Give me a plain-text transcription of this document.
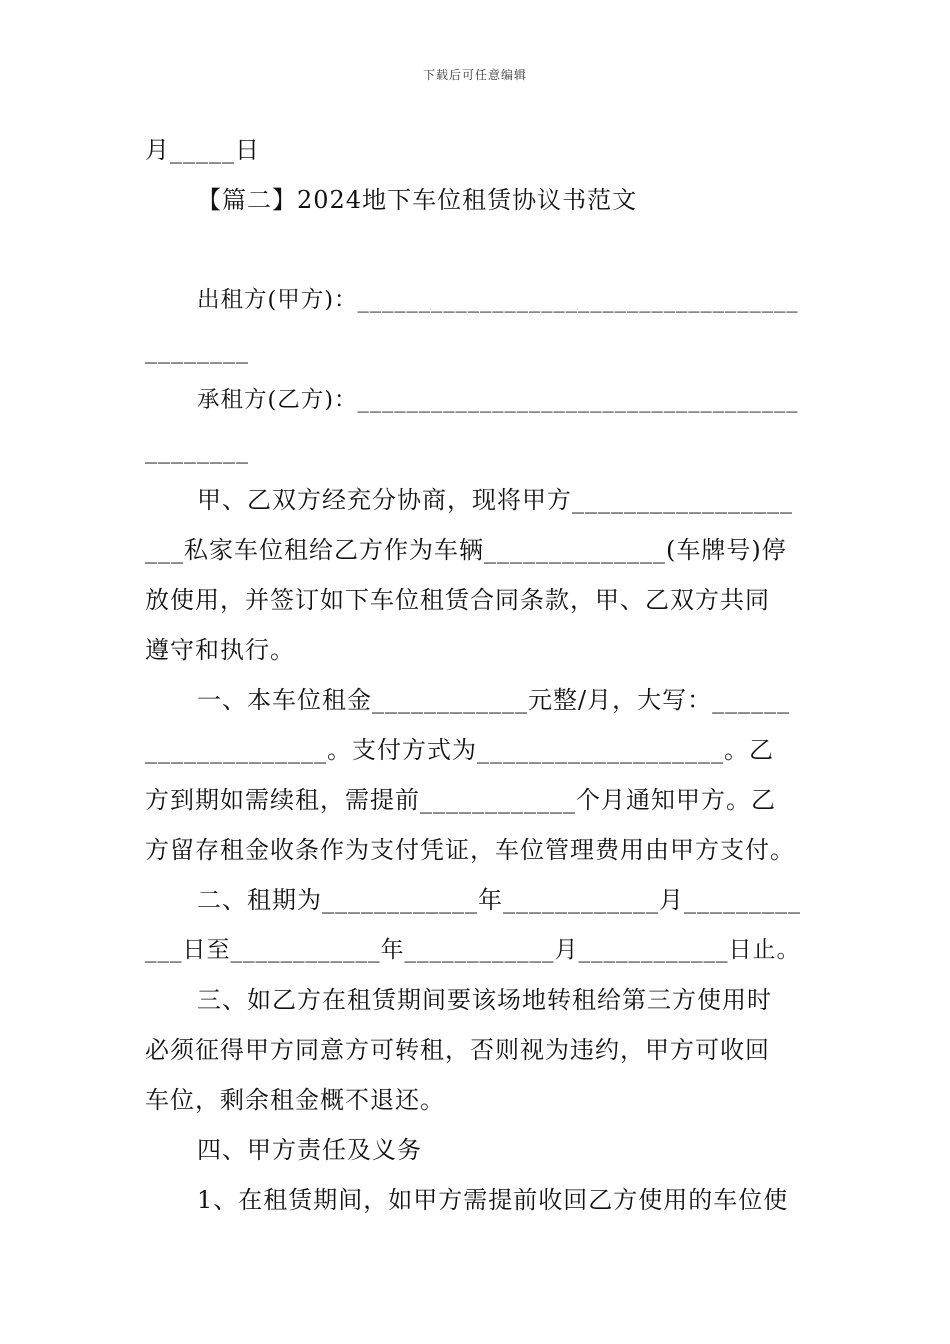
下载后可任意编辑
月_____日
【篇二】2024地下车位租赁协议书范文
出租方(甲方)：____________________________________
________
承租方(乙方)：____________________________________
________
甲、乙双方经充分协商，现将甲方_________________
___私家车位租给乙方作为车辆______________(车牌号)停
放使用，并签订如下车位租赁合同条款，甲、乙双方共同
遵守和执行。
一、本车位租金____________元整/月，大写：______
______________。支付方式为___________________。乙
方到期如需续租，需提前____________个月通知甲方。乙
方留存租金收条作为支付凭证，车位管理费用由甲方支付。
二、租期为____________年____________月_________
___日至____________年____________月____________日止。
三、如乙方在租赁期间要该场地转租给第三方使用时
必须征得甲方同意方可转租，否则视为违约，甲方可收回
车位，剩余租金概不退还。
四、甲方责任及义务
1、在租赁期间，如甲方需提前收回乙方使用的车位使
